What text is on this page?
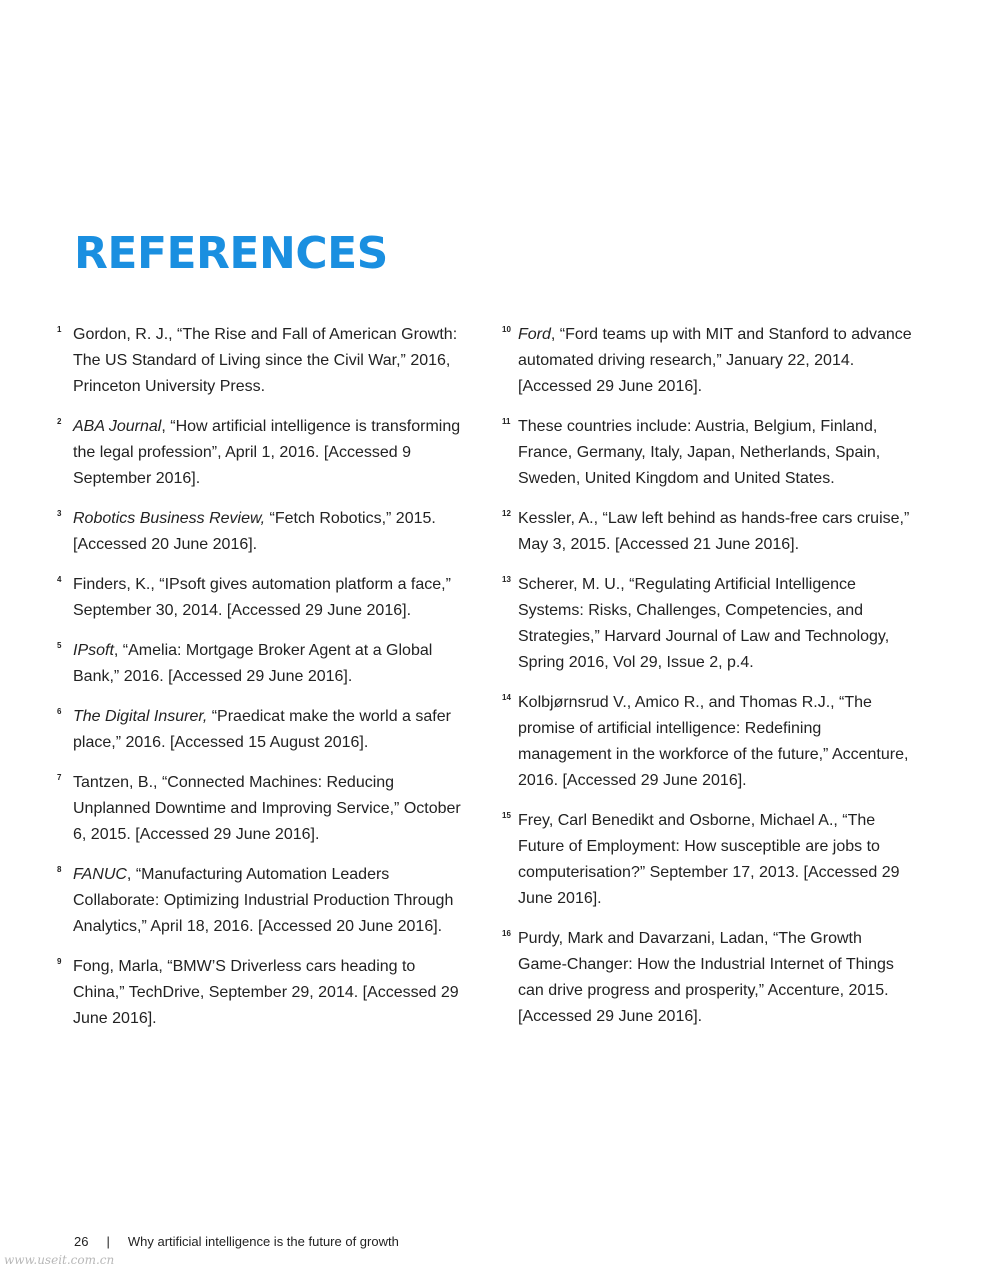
REFERENCES
1 Gordon, R. J., “The Rise and Fall of American Growth: The US Standard of Living since the Civil War,” 2016, Princeton University Press.
2 ABA Journal, “How artificial intelligence is transforming the legal profession”, April 1, 2016. [Accessed 9 September 2016].
3 Robotics Business Review, “Fetch Robotics,” 2015. [Accessed 20 June 2016].
4 Finders, K., “IPsoft gives automation platform a face,” September 30, 2014. [Accessed 29 June 2016].
5 IPsoft, “Amelia: Mortgage Broker Agent at a Global Bank,” 2016. [Accessed 29 June 2016].
6 The Digital Insurer, “Praedicat make the world a safer place,” 2016. [Accessed 15 August 2016].
7 Tantzen, B., “Connected Machines: Reducing Unplanned Downtime and Improving Service,” October 6, 2015. [Accessed 29 June 2016].
8 FANUC, “Manufacturing Automation Leaders Collaborate: Optimizing Industrial Production Through Analytics,” April 18, 2016. [Accessed 20 June 2016].
9 Fong, Marla, “BMW’S Driverless cars heading to China,” TechDrive, September 29, 2014. [Accessed 29 June 2016].
10 Ford, “Ford teams up with MIT and Stanford to advance automated driving research,” January 22, 2014. [Accessed 29 June 2016].
11 These countries include: Austria, Belgium, Finland, France, Germany, Italy, Japan, Netherlands, Spain, Sweden, United Kingdom and United States.
12 Kessler, A., “Law left behind as hands-free cars cruise,” May 3, 2015. [Accessed 21 June 2016].
13 Scherer, M. U., “Regulating Artificial Intelligence Systems: Risks, Challenges, Competencies, and Strategies,” Harvard Journal of Law and Technology, Spring 2016, Vol 29, Issue 2, p.4.
14 Kolbjørnsrud V., Amico R., and Thomas R.J., “The promise of artificial intelligence: Redefining management in the workforce of the future,” Accenture, 2016. [Accessed 29 June 2016].
15 Frey, Carl Benedikt and Osborne, Michael A., “The Future of Employment: How susceptible are jobs to computerisation?” September 17, 2013. [Accessed 29 June 2016].
16 Purdy, Mark and Davarzani, Ladan, “The Growth Game-Changer: How the Industrial Internet of Things can drive progress and prosperity,” Accenture, 2015. [Accessed 29 June 2016].
26 | Why artificial intelligence is the future of growth
www.useit.com.cn
